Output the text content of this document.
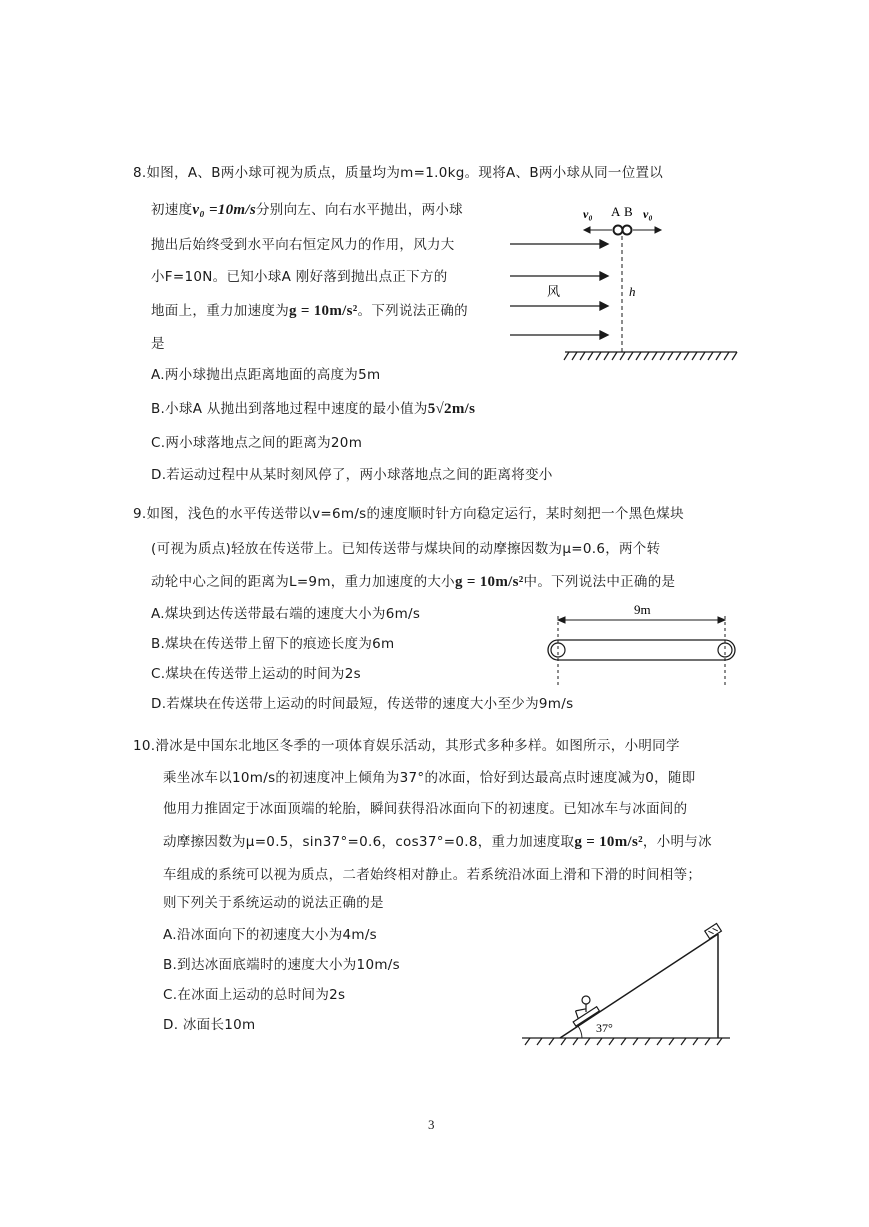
8.如图，A、B两小球可视为质点，质量均为m=1.0kg。现将A、B两小球从同一位置以
初速度v₀ =10m/s分别向左、向右水平抛出，两小球
抛出后始终受到水平向右恒定风力的作用，风力大
小F=10N。已知小球A 刚好落到抛出点正下方的
地面上，重力加速度为g = 10m/s²。下列说法正确的
是
A.两小球抛出点距离地面的高度为5m
B.小球A 从抛出到落地过程中速度的最小值为5√2m/s
C.两小球落地点之间的距离为20m
D.若运动过程中从某时刻风停了，两小球落地点之间的距离将变小
风
v₀ A B v₀
h
9.如图，浅色的水平传送带以v=6m/s的速度顺时针方向稳定运行，某时刻把一个黑色煤块
(可视为质点)轻放在传送带上。已知传送带与煤块间的动摩擦因数为μ=0.6，两个转
动轮中心之间的距离为L=9m，重力加速度的大小g = 10m/s²中。下列说法中正确的是
A.煤块到达传送带最右端的速度大小为6m/s
B.煤块在传送带上留下的痕迹长度为6m
C.煤块在传送带上运动的时间为2s
D.若煤块在传送带上运动的时间最短，传送带的速度大小至少为9m/s
9m
10.滑冰是中国东北地区冬季的一项体育娱乐活动，其形式多种多样。如图所示，小明同学
乘坐冰车以10m/s的初速度冲上倾角为37°的冰面，恰好到达最高点时速度减为0，随即
他用力推固定于冰面顶端的轮胎，瞬间获得沿冰面向下的初速度。已知冰车与冰面间的
动摩擦因数为μ=0.5，sin37°=0.6，cos37°=0.8，重力加速度取g = 10m/s²，小明与冰
车组成的系统可以视为质点，二者始终相对静止。若系统沿冰面上滑和下滑的时间相等；
则下列关于系统运动的说法正确的是
A.沿冰面向下的初速度大小为4m/s
B.到达冰面底端时的速度大小为10m/s
C.在冰面上运动的总时间为2s
D. 冰面长10m	37°
3
